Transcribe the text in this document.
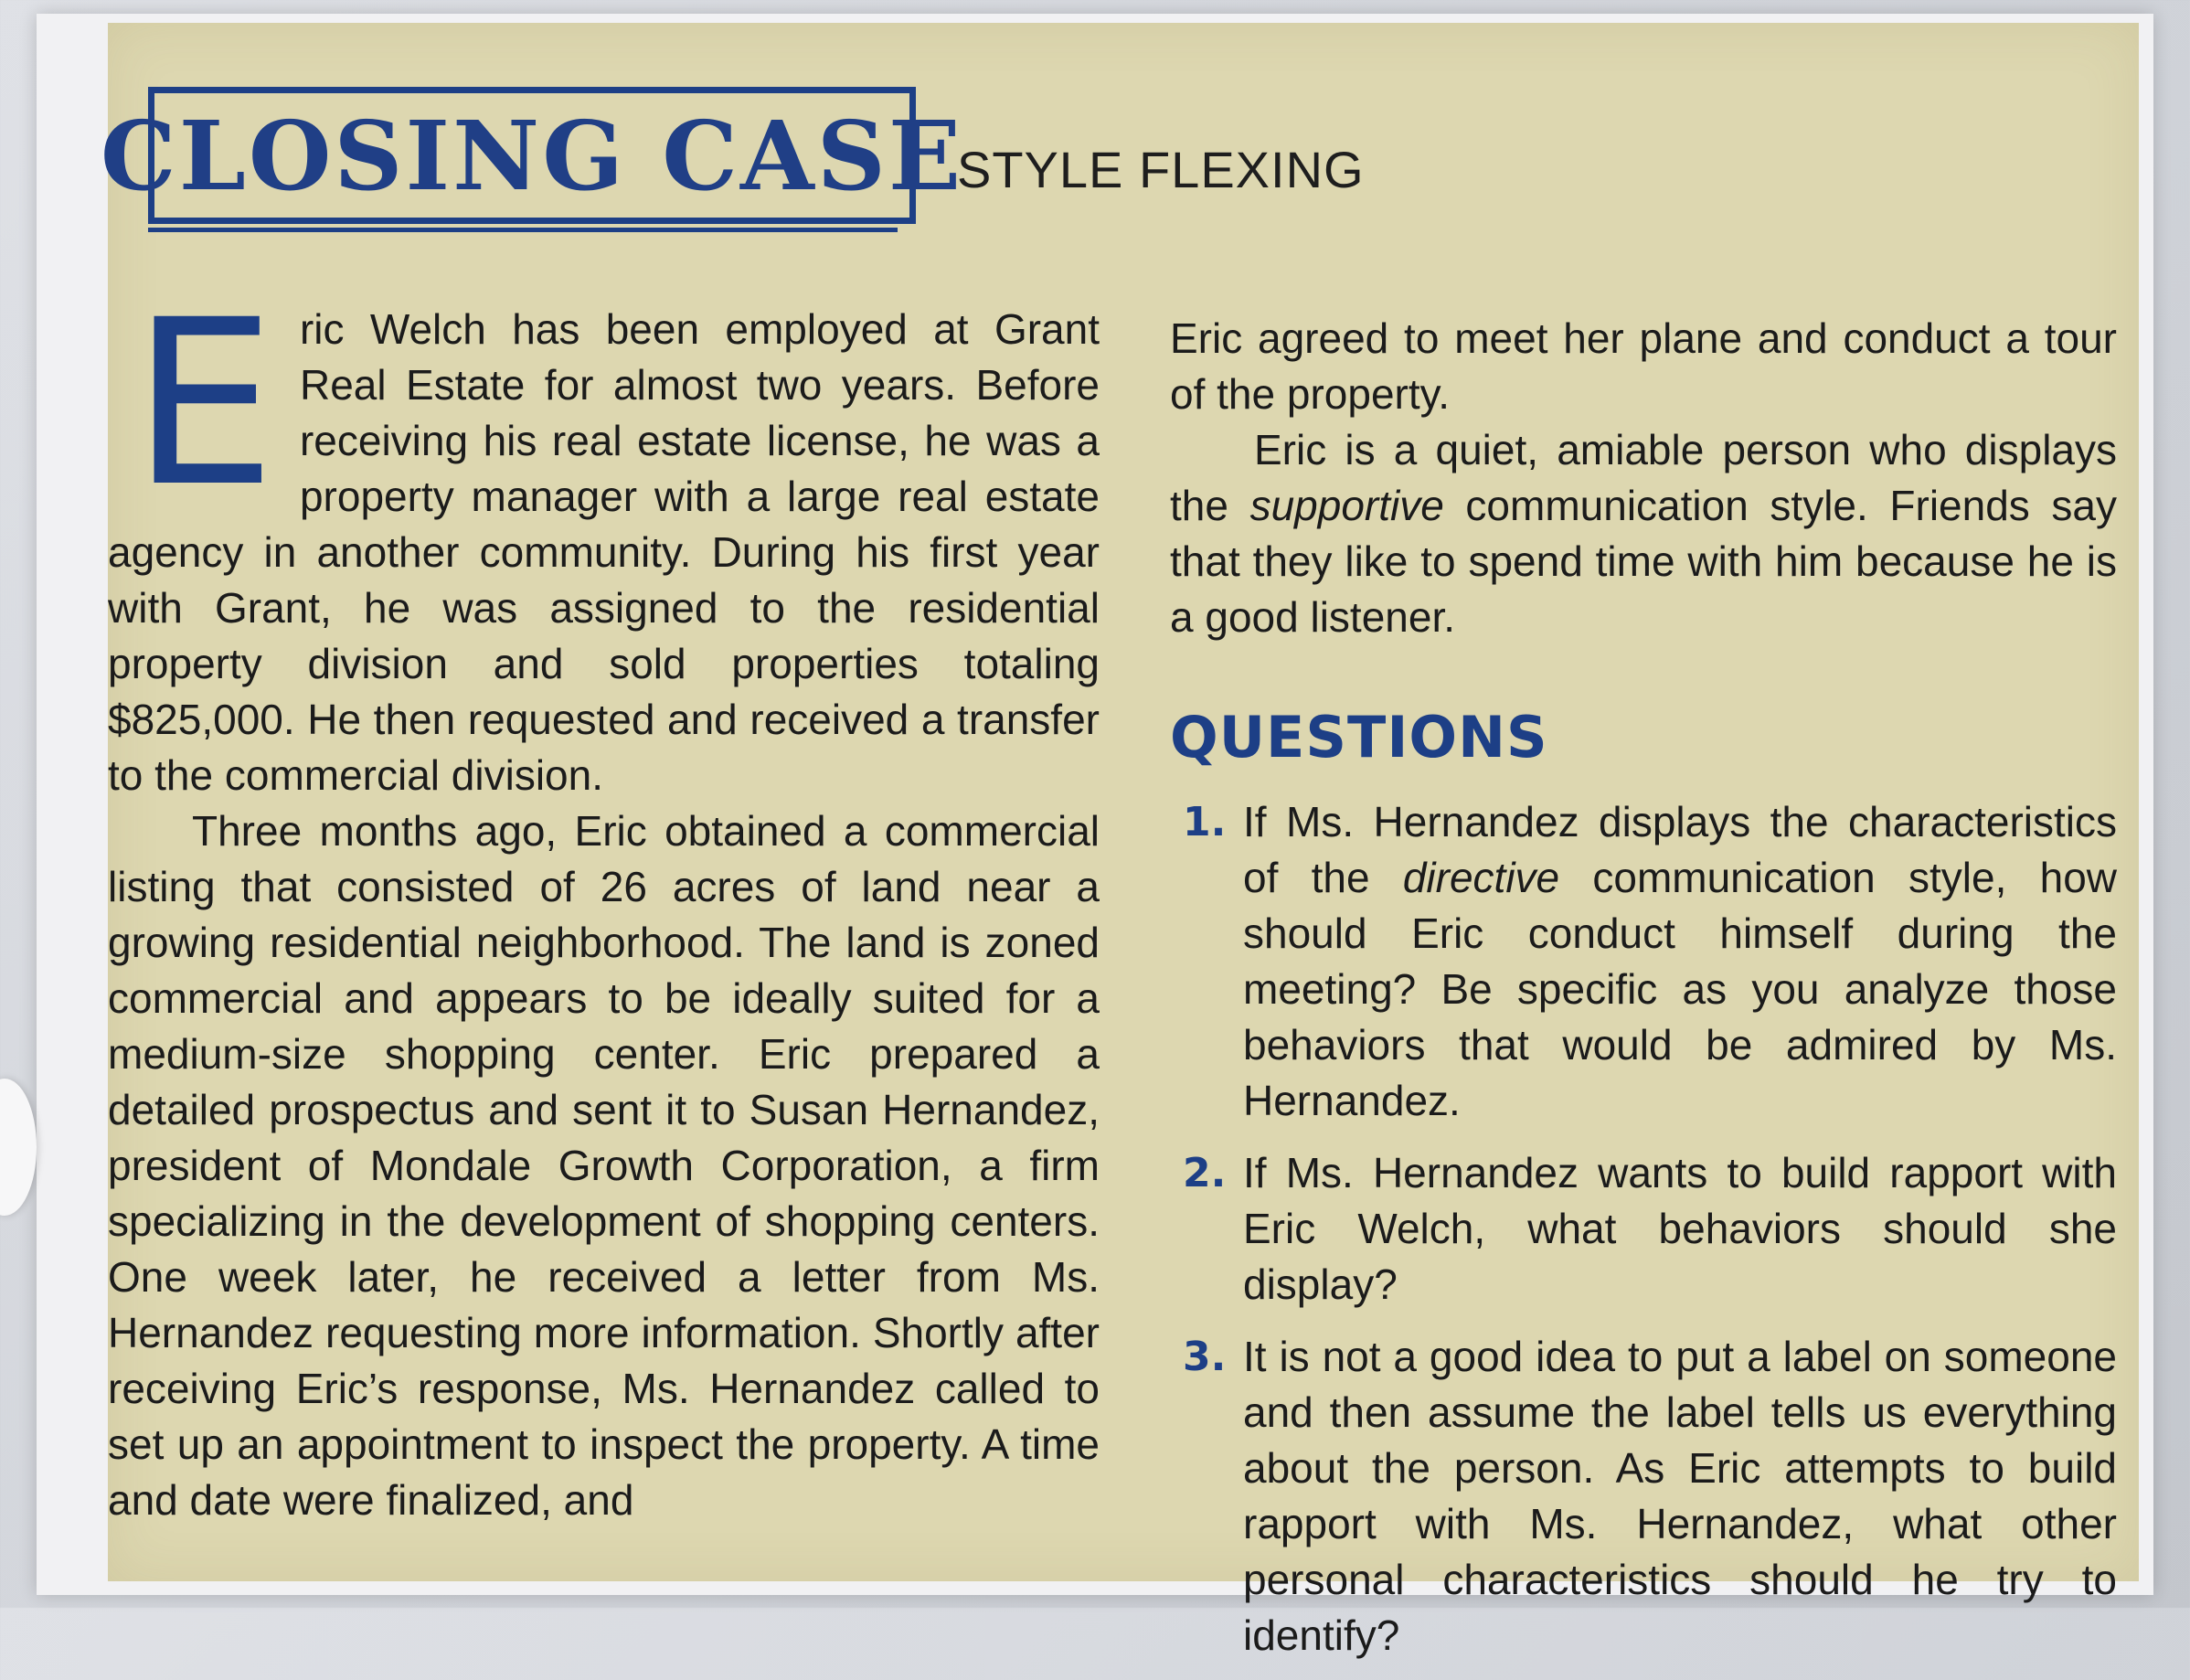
CLOSING CASE
STYLE FLEXING

Eric Welch has been employed at Grant Real Estate for almost two years. Before receiving his real estate license, he was a property manager with a large real estate agency in another community. During his first year with Grant, he was assigned to the residential property division and sold properties totaling $825,000. He then requested and received a transfer to the commercial division.

Three months ago, Eric obtained a commercial listing that consisted of 26 acres of land near a growing residential neighborhood. The land is zoned commercial and appears to be ideally suited for a medium-size shopping center. Eric prepared a detailed prospectus and sent it to Susan Hernandez, president of Mondale Growth Corporation, a firm specializing in the development of shopping centers. One week later, he received a letter from Ms. Hernandez requesting more information. Shortly after receiving Eric’s response, Ms. Hernandez called to set up an appointment to inspect the property. A time and date were finalized, and

Eric agreed to meet her plane and conduct a tour of the property.

Eric is a quiet, amiable person who displays the supportive communication style. Friends say that they like to spend time with him because he is a good listener.

QUESTIONS
1. If Ms. Hernandez displays the characteristics of the directive communication style, how should Eric conduct himself during the meeting? Be specific as you analyze those behaviors that would be admired by Ms. Hernandez.
2. If Ms. Hernandez wants to build rapport with Eric Welch, what behaviors should she display?
3. It is not a good idea to put a label on someone and then assume the label tells us everything about the person. As Eric attempts to build rapport with Ms. Hernandez, what other personal characteristics should he try to identify?
